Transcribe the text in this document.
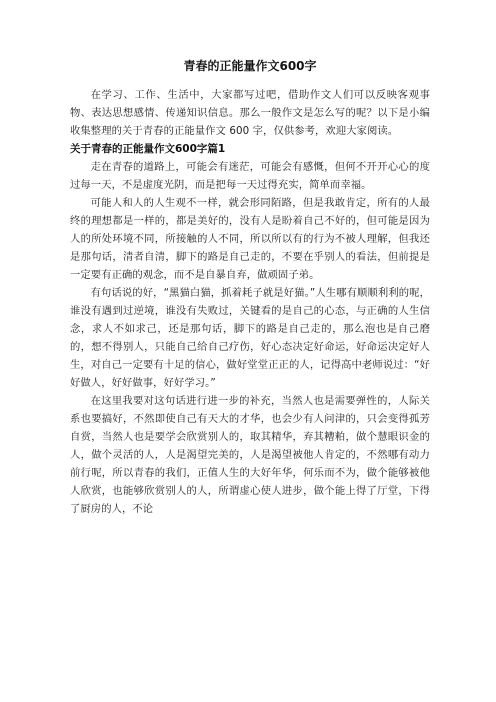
青春的正能量作文600字

在学习、工作、生活中，大家都写过吧，借助作文人们可以反映客观事物、表达思想感情、传递知识信息。那么一般作文是怎么写的呢？以下是小编收集整理的关于青春的正能量作文 600 字，仅供参考，欢迎大家阅读。

关于青春的正能量作文600字篇1

走在青春的道路上，可能会有迷茫，可能会有感慨，但何不开开心心的度过每一天，不是虚度光阴，而是把每一天过得充实，简单而幸福。

可能人和人的人生观不一样，就会形同陌路，但是我敢肯定，所有的人最终的理想都是一样的，都是美好的，没有人是盼着自己不好的，但可能是因为人的所处环境不同，所接触的人不同，所以所以有的行为不被人理解，但我还是那句话，清者自清，脚下的路是自己走的，不要在乎别人的看法，但前提是一定要有正确的观念，而不是自暴自弃，做顽固子弟。

有句话说的好，“黑猫白猫，抓着耗子就是好猫。”人生哪有顺顺利利的呢，谁没有遇到过逆境，谁没有失败过，关键看的是自己的心态，与正确的人生信念，求人不如求己，还是那句话，脚下的路是自己走的，那么泡也是自己磨的，想不得别人，只能自己给自己疗伤，好心态决定好命运，好命运决定好人生，对自己一定要有十足的信心，做好堂堂正正的人，记得高中老师说过：“好好做人，好好做事，好好学习。”

在这里我要对这句话进行进一步的补充，当然人也是需要弹性的，人际关系也要搞好，不然即使自己有天大的才华，也会少有人问津的，只会变得孤芳自赏，当然人也是要学会欣赏别人的，取其精华，弃其糟粕，做个慧眼识金的人，做个灵活的人，人是渴望完美的，人是渴望被他人肯定的，不然哪有动力前行呢，所以青春的我们，正值人生的大好年华，何乐而不为，做个能够被他人欣赏，也能够欣赏别人的人，所谓虚心使人进步，做个能上得了厅堂，下得了厨房的人，不论
